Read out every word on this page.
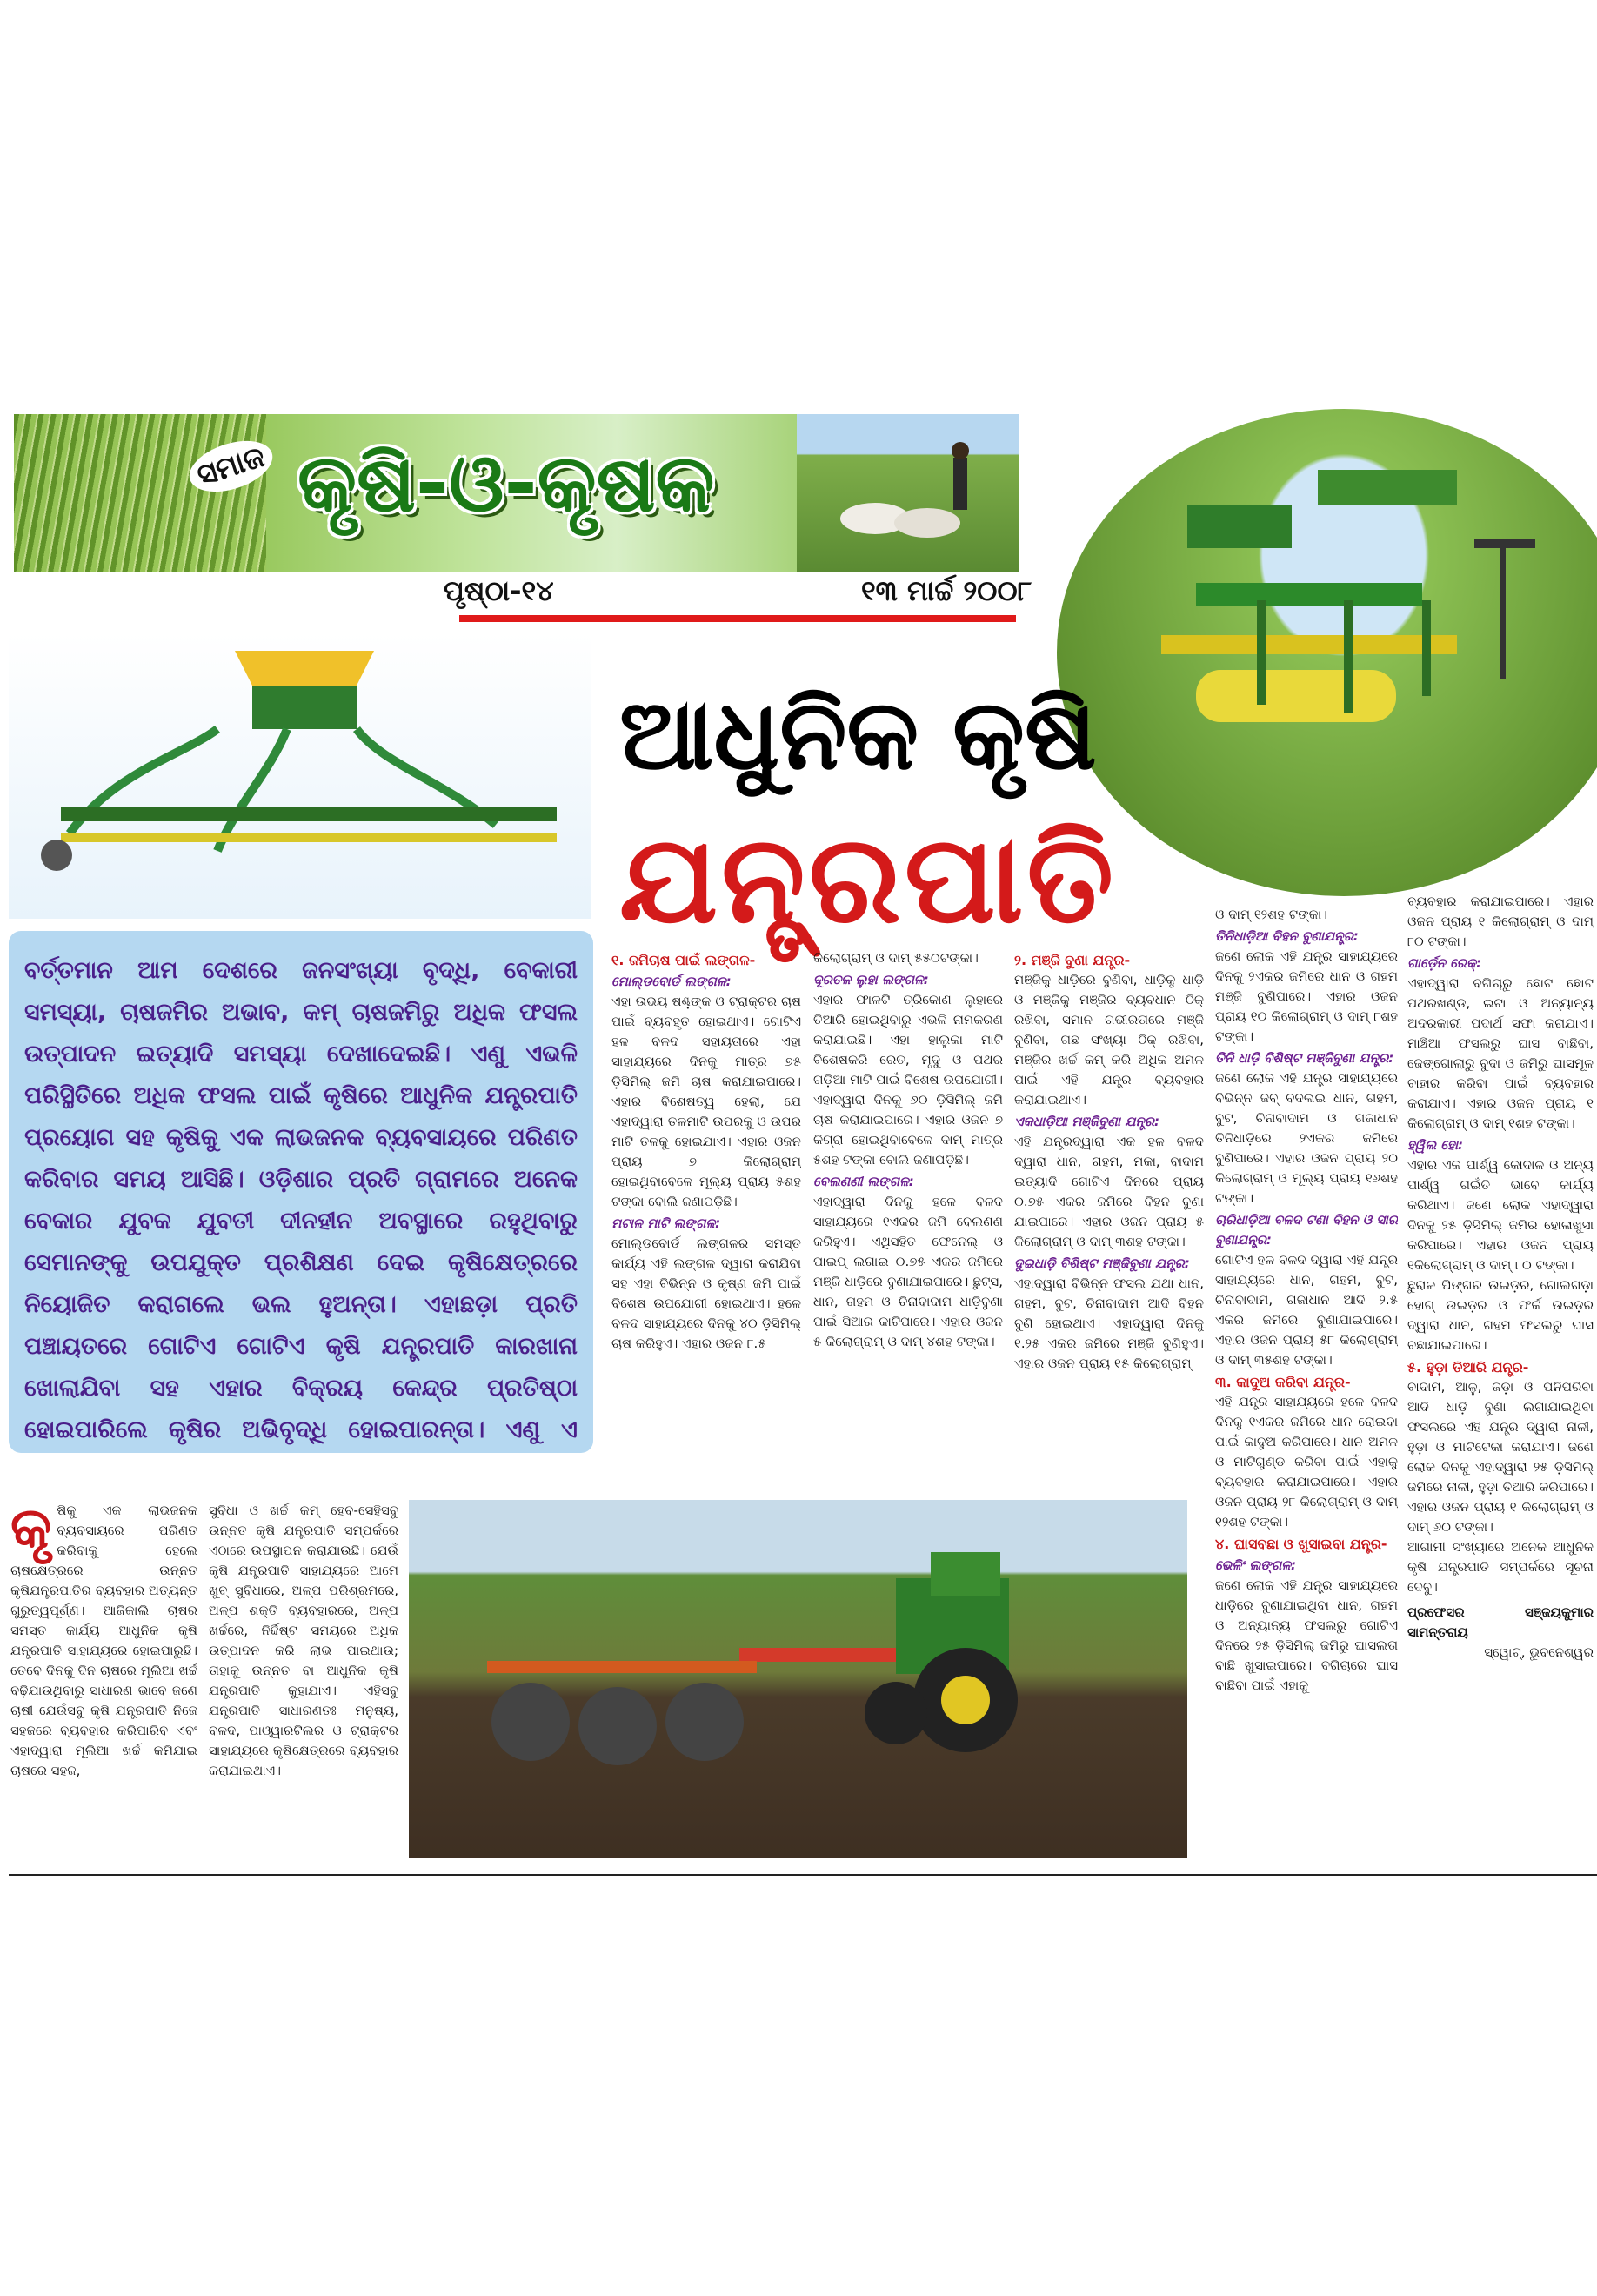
ସମାଜ କୃଷି-ଓ-କୃଷକ
ପୃଷ୍ଠା-୧୪	୧୩ ମାର୍ଚ୍ଚ ୨୦୦୮
ଆଧୁନିକ କୃଷି
ଯନ୍ତ୍ରପାତି
ବର୍ତ୍ତମାନ ଆମ ଦେଶରେ ଜନସଂଖ୍ୟା ବୃଦ୍ଧି, ବେକାରୀ ସମସ୍ୟା, ଚାଷଜମିର ଅଭାବ, କମ୍ ଚାଷଜମିରୁ ଅଧିକ ଫସଲ ଉତ୍ପାଦନ ଇତ୍ୟାଦି ସମସ୍ୟା ଦେଖାଦେଇଛି। ଏଣୁ ଏଭଳି ପରିସ୍ଥିତିରେ ଅଧିକ ଫସଲ ପାଇଁ କୃଷିରେ ଆଧୁନିକ ଯନ୍ତ୍ରପାତି ପ୍ରୟୋଗ ସହ କୃଷିକୁ ଏକ ଲାଭଜନକ ବ୍ୟବସାୟରେ ପରିଣତ କରିବାର ସମୟ ଆସିଛି। ଓଡ଼ିଶାର ପ୍ରତି ଗ୍ରାମରେ ଅନେକ ବେକାର ଯୁବକ ଯୁବତୀ ଦୀନହୀନ ଅବସ୍ଥାରେ ରହୁଥିବାରୁ ସେମାନଙ୍କୁ ଉପଯୁକ୍ତ ପ୍ରଶିକ୍ଷଣ ଦେଇ କୃଷିକ୍ଷେତ୍ରରେ ନିୟୋଜିତ କରାଗଲେ ଭଲ ହୁଅନ୍ତା। ଏହାଛଡ଼ା ପ୍ରତି ପଞ୍ଚାୟତରେ ଗୋଟିଏ ଗୋଟିଏ କୃଷି ଯନ୍ତ୍ରପାତି କାରଖାନା ଖୋଲାଯିବା ସହ ଏହାର ବିକ୍ରୟ କେନ୍ଦ୍ର ପ୍ରତିଷ୍ଠା ହୋଇପାରିଲେ କୃଷିର ଅଭିବୃଦ୍ଧି ହୋଇପାରନ୍ତା। ଏଣୁ ଏ
୧. ଜମିଚାଷ ପାଇଁ ଲଙ୍ଗଳ-
ମୋଲ୍ଡବୋର୍ଡ ଲଙ୍ଗଳ:

ଏହା ଉଭୟ ଷଣ୍ଢ଼ଙ୍କ ଓ ଟ୍ରାକ୍ଟର ଚାଷ ପାଇଁ ବ୍ୟବହୃତ ହୋଇଥାଏ। ଗୋଟିଏ ହଳ ବଳଦ ସହାୟତାରେ ଏହା ସାହାଯ୍ୟରେ ଦିନକୁ ମାତ୍ର ୭୫ ଡ଼ିସିମିଲ୍ ଜମି ଚାଷ କରାଯାଇପାରେ। ଏହାର ବିଶେଷତ୍ୱ ହେଲା, ଯେ ଏହାଦ୍ୱାରା ତଳମାଟି ଉପରକୁ ଓ ଉପର ମାଟି ତଳକୁ ହୋଇଯାଏ। ଏହାର ଓଜନ ପ୍ରାୟ ୭ କିଲୋଗ୍ରାମ୍ ହୋଇଥିବାବେଳେ ମୂଲ୍ୟ ପ୍ରାୟ ୫ଶହ ଟଙ୍କା ବୋଲି ଜଣାପଡ଼ିଛି।

ମଟାଳ ମାଟି ଲଙ୍ଗଳ:

ମୋଲ୍ଡବୋର୍ଡ ଲଙ୍ଗଳର ସମସ୍ତ କାର୍ଯ୍ୟ ଏହି ଲଙ୍ଗଳ ଦ୍ୱାରା କରାଯିବା ସହ ଏହା ବିଭିନ୍ନ ଓ କୃଷ୍ଣ ଜମି ପାଇଁ ବିଶେଷ ଉପଯୋଗୀ ହୋଇଥାଏ। ହଳେ ବଳଦ ସାହାଯ୍ୟରେ ଦିନକୁ ୪୦ ଡ଼ିସିମିଲ୍ ଚାଷ କରିହୁଏ। ଏହାର ଓଜନ ୮.୫

କିଲୋଗ୍ରାମ୍ ଓ ଦାମ୍ ୫୫୦ଟଙ୍କା।

ଦୂରତଳ ଲୁହା ଲଙ୍ଗଳ:

ଏହାର ଫାଳଟି ତ୍ରିକୋଣ ଲୁହାରେ ତିଆରି ହୋଇଥିବାରୁ ଏଭଳି ନାମକରଣ କରାଯାଇଛି। ଏହା ହାଲୁକା ମାଟି ବିଶେଷକରି ରେତ, ମୃଦୁ ଓ ପଥର ଗଡ଼ିଆ ମାଟି ପାଇଁ ବିଶେଷ ଉପଯୋଗୀ। ଏହାଦ୍ୱାରା ଦିନକୁ ୬୦ ଡ଼ିସିମିଲ୍ ଜମି ଚାଷ କରାଯାଇପାରେ। ଏହାର ଓଜନ ୭ କିଗ୍ରା ହୋଇଥିବାବେଳେ ଦାମ୍ ମାତ୍ର ୫ଶହ ଟଙ୍କା ବୋଲି ଜଣାପଡ଼ିଛି।

ବେଲଣଣୀ ଲଙ୍ଗଳ:

ଏହାଦ୍ୱାରା ଦିନକୁ ହଳେ ବଳଦ ସାହାଯ୍ୟରେ ୧ଏକର ଜମି ବେଲଣଣ କରିହୁଏ। ଏଥିସହିତ ଫେନେଲ୍ ଓ ପାଇପ୍ ଲଗାଇ ୦.୭୫ ଏକର ଜମିରେ ମଞ୍ଜି ଧାଡ଼ିରେ ବୁଣାଯାଇପାରେ। ଛୁଟ୍ସ, ଧାନ, ଗହମ ଓ ଚିନାବାଦାମ ଧାଡ଼ିବୁଣା ପାଇଁ ସିଆର କାଟିପାରେ। ଏହାର ଓଜନ ୫ କିଲୋଗ୍ରାମ୍ ଓ ଦାମ୍ ୪ଶହ ଟଙ୍କା।

୨. ମଞ୍ଜି ବୁଣା ଯନ୍ତ୍ର-

ମଞ୍ଜିକୁ ଧାଡ଼ିରେ ବୁଣିବା, ଧାଡ଼ିକୁ ଧାଡ଼ି ଓ ମଞ୍ଜିକୁ ମଞ୍ଜିର ବ୍ୟବଧାନ ଠିକ୍ ରଖିବା, ସମାନ ଗଭୀରତାରେ ମଞ୍ଜି ବୁଣିବା, ଗଛ ସଂଖ୍ୟା ଠିକ୍ ରଖିବା, ମଞ୍ଜିର ଖର୍ଚ୍ଚ କମ୍ କରି ଅଧିକ ଅମଳ ପାଇଁ ଏହି ଯନ୍ତ୍ର ବ୍ୟବହାର କରାଯାଇଥାଏ।

ଏକଧାଡ଼ିଆ ମଞ୍ଜିବୁଣା ଯନ୍ତ୍ର:

ଏହି ଯନ୍ତ୍ରଦ୍ୱାରା ଏକ ହଳ ବଳଦ ଦ୍ୱାରା ଧାନ, ଗହମ, ମକା, ବାଦାମ ଇତ୍ୟାଦି ଗୋଟିଏ ଦିନରେ ପ୍ରାୟ ୦.୭୫ ଏକର ଜମିରେ ବିହନ ବୁଣା ଯାଇପାରେ। ଏହାର ଓଜନ ପ୍ରାୟ ୫ କିଲୋଗ୍ରାମ୍ ଓ ଦାମ୍ ୩ଶହ ଟଙ୍କା।

ଦୁଇଧାଡ଼ି ବିଶିଷ୍ଟ ମଞ୍ଜିବୁଣା ଯନ୍ତ୍ର:

ଏହାଦ୍ୱାରା ବିଭିନ୍ନ ଫସଲ ଯଥା ଧାନ, ଗହମ, ବୁଟ, ଚିନାବାଦାମ ଆଦି ବିହନ ବୁଣି ହୋଇଥାଏ। ଏହାଦ୍ୱାରା ଦିନକୁ ୧.୨୫ ଏକର ଜମିରେ ମଞ୍ଜି ବୁଣିହୁଏ। ଏହାର ଓଜନ ପ୍ରାୟ ୧୫ କିଲୋଗ୍ରାମ୍

ଓ ଦାମ୍ ୧୨ଶହ ଟଙ୍କା।

ତିନିଧାଡ଼ିଆ ବିହନ ବୁଣାଯନ୍ତ୍ର:

ଜଣେ ଲୋକ ଏହି ଯନ୍ତ୍ର ସାହାଯ୍ୟରେ ଦିନକୁ ୨ଏକର ଜମିରେ ଧାନ ଓ ଗହମ ମଞ୍ଜି ବୁଣିପାରେ। ଏହାର ଓଜନ ପ୍ରାୟ ୧୦ କିଲୋଗ୍ରାମ୍ ଓ ଦାମ୍ ୮ଶହ ଟଙ୍କା।

ତିନି ଧାଡ଼ି ବିଶିଷ୍ଟ ମଞ୍ଜିବୁଣା ଯନ୍ତ୍ର:

ଜଣେ ଲୋକ ଏହି ଯନ୍ତ୍ର ସାହାଯ୍ୟରେ ବିଭିନ୍ନ ଜବ୍ ବଦଳାଇ ଧାନ, ଗହମ, ବୁଟ, ଚିନାବାଦାମ ଓ ଗଜାଧାନ ତିନିଧାଡ଼ିରେ ୨ଏକର ଜମିରେ ବୁଣିପାରେ। ଏହାର ଓଜନ ପ୍ରାୟ ୨୦ କିଲୋଗ୍ରାମ୍ ଓ ମୂଲ୍ୟ ପ୍ରାୟ ୧୬ଶହ ଟଙ୍କା।

ଚାରିଧାଡ଼ିଆ ବଳଦ ଟଣା ବିହନ ଓ ସାର ବୁଣାଯନ୍ତ୍ର:

ଗୋଟିଏ ହଳ ବଳଦ ଦ୍ୱାରା ଏହି ଯନ୍ତ୍ର ସାହାଯ୍ୟରେ ଧାନ, ଗହମ, ବୁଟ, ଚିନାବାଦାମ, ଗଜାଧାନ ଆଦି ୨.୫ ଏକର ଜମିରେ ବୁଣାଯାଇପାରେ। ଏହାର ଓଜନ ପ୍ରାୟ ୫୮ କିଲୋଗ୍ରାମ୍ ଓ ଦାମ୍ ୩୫ଶହ ଟଙ୍କା।

୩. କାଦୁଅ କରିବା ଯନ୍ତ୍ର-

ଏହି ଯନ୍ତ୍ର ସାହାଯ୍ୟରେ ହଳେ ବଳଦ ଦିନକୁ ୧ଏକର ଜମିରେ ଧାନ ରୋଇବା ପାଇଁ କାଦୁଅ କରିପାରେ। ଧାନ ଅମଳ ଓ ମାଟିଗୁଣ୍ଡ କରିବା ପାଇଁ ଏହାକୁ ବ୍ୟବହାର କରାଯାଇପାରେ। ଏହାର ଓଜନ ପ୍ରାୟ ୨୮ କିଲୋଗ୍ରାମ୍ ଓ ଦାମ୍ ୧୨ଶହ ଟଙ୍କା।

୪. ଘାସବଛା ଓ ଖୁସାଇବା ଯନ୍ତ୍ର-
ଭେଳିଂ ଲଙ୍ଗଳ:

ଜଣେ ଲୋକ ଏହି ଯନ୍ତ୍ର ସାହାଯ୍ୟରେ ଧାଡ଼ିରେ ବୁଣାଯାଇଥିବା ଧାନ, ଗହମ ଓ ଅନ୍ୟାନ୍ୟ ଫସଲରୁ ଗୋଟିଏ ଦିନରେ ୨୫ ଡ଼ିସିମିଲ୍ ଜମିରୁ ଘାସଲତା ବାଛି ଖୁସାଇପାରେ। ବଗିଚାରେ ଘାସ ବାଛିବା ପାଇଁ ଏହାକୁ

ବ୍ୟବହାର କରାଯାଇପାରେ। ଏହାର ଓଜନ ପ୍ରାୟ ୧ କିଲୋଗ୍ରାମ୍ ଓ ଦାମ୍ ୮୦ ଟଙ୍କା।

ଗାର୍ଡ଼େନ ରେକ୍:

ଏହାଦ୍ୱାରା ବଗିଚାରୁ ଛୋଟ ଛୋଟ ପଥରଖଣ୍ଡ, ଇଟା ଓ ଅନ୍ୟାନ୍ୟ ଅଦରକାରୀ ପଦାର୍ଥ ସଫା କରାଯାଏ। ମାଞ୍ଚିଆ ଫସଲରୁ ଘାସ ବାଛିବା, ଜେଙ୍ଗୋଲାରୁ ବୁଦା ଓ ଜମିରୁ ଘାସମୂଳ ବାହାର କରିବା ପାଇଁ ବ୍ୟବହାର କରାଯାଏ। ଏହାର ଓଜନ ପ୍ରାୟ ୧ କିଲୋଗ୍ରାମ୍ ଓ ଦାମ୍ ୧ଶହ ଟଙ୍କା।

ହ୍ୱିଲ ହୋ:

ଏହାର ଏକ ପାର୍ଶ୍ୱ କୋଦାଳ ଓ ଅନ୍ୟ ପାର୍ଶ୍ୱ ଗଇଁତି ଭାବେ କାର୍ଯ୍ୟ କରିଥାଏ। ଜଣେ ଲୋକ ଏହାଦ୍ୱାରା ଦିନକୁ ୨୫ ଡ଼ିସିମିଲ୍ ଜମିର ହୋଳାଖୁସା କରିପାରେ। ଏହାର ଓଜନ ପ୍ରାୟ ୧କିଲୋଗ୍ରାମ୍ ଓ ଦାମ୍ ୮୦ ଟଙ୍କା।

ଛୁରାଳ ପିଙ୍ଗର ଉଇଡ଼ର, ଗୋଲଗଡ଼ା ହୋଗ୍ ଉଇଡ଼ର ଓ ଫର୍କ ଉଇଡ଼ର ଦ୍ୱାରା ଧାନ, ଗହମ ଫସଲରୁ ଘାସ ବଛାଯାଇପାରେ।

୫. ହୁଡ଼ା ତିଆରି ଯନ୍ତ୍ର-

ବାଦାମ, ଆଳୁ, ଜଡ଼ା ଓ ପନିପରିବା ଆଦି ଧାଡ଼ି ବୁଣା ଲଗାଯାଇଥିବା ଫସଲରେ ଏହି ଯନ୍ତ୍ର ଦ୍ୱାରା ନାଳୀ, ହୁଡ଼ା ଓ ମାଟିଟେକା କରାଯାଏ। ଜଣେ ଲୋକ ଦିନକୁ ଏହାଦ୍ୱାରା ୨୫ ଡ଼ିସିମିଲ୍ ଜମିରେ ନାଳୀ, ହୁଡ଼ା ତିଆରି କରିପାରେ। ଏହାର ଓଜନ ପ୍ରାୟ ୧ କିଲୋଗ୍ରାମ୍ ଓ ଦାମ୍ ୬୦ ଟଙ୍କା।

ଆଗାମୀ ସଂଖ୍ୟାରେ ଅନେକ ଆଧୁନିକ କୃଷି ଯନ୍ତ୍ରପାତି ସମ୍ପର୍କରେ ସୂଚନା ଦେବୁ।

ପ୍ରଫେସର ସଞ୍ଜୟକୁମାର ସାମନ୍ତରାୟ
ସ୍ୱୋଟ୍, ଭୁବନେଶ୍ୱର
କୃ ଷିକୁ ଏକ ଲାଭଜନକ ବ୍ୟବସାୟରେ ପରିଣତ କରିବାକୁ ହେଲେ ଚାଷକ୍ଷେତ୍ରରେ ଉନ୍ନତ କୃଷିଯନ୍ତ୍ରପାତିର ବ୍ୟବହାର ଅତ୍ୟନ୍ତ ଗୁରୁତ୍ୱପୂର୍ଣ୍ଣ। ଆଜିକାଲି ଚାଷର ସମସ୍ତ କାର୍ଯ୍ୟ ଆଧୁନିକ କୃଷି ଯନ୍ତ୍ରପାତି ସାହାଯ୍ୟରେ ହୋଇପାରୁଛି। ତେବେ ଦିନକୁ ଦିନ ଚାଷରେ ମୂଲିଆ ଖର୍ଚ୍ଚ ବଢ଼ିଯାଉଥିବାରୁ ସାଧାରଣ ଭାବେ ଜଣେ ଚାଷୀ ଯେଉଁସବୁ କୃଷି ଯନ୍ତ୍ରପାତି ନିଜେ ସହଜରେ ବ୍ୟବହାର କରିପାରିବ ଏବଂ ଏହାଦ୍ୱାରା ମୂଲିଆ ଖର୍ଚ୍ଚ କମିଯାଇ ଚାଷରେ ସହଜ,

ସୁବିଧା ଓ ଖର୍ଚ୍ଚ କମ୍ ହେବ-ସେହିସବୁ ଉନ୍ନତ କୃଷି ଯନ୍ତ୍ରପାତି ସମ୍ପର୍କରେ ଏଠାରେ ଉପସ୍ଥାପନ କରାଯାଉଛି। ଯେଉଁ କୃଷି ଯନ୍ତ୍ରପାତି ସାହାଯ୍ୟରେ ଆମେ ଖୁବ୍ ସୁବିଧାରେ, ଅଳ୍ପ ପରିଶ୍ରମରେ, ଅଳ୍ପ ଶକ୍ତି ବ୍ୟବହାରରେ, ଅଳ୍ପ ଖର୍ଚ୍ଚରେ, ନିର୍ଦ୍ଦିଷ୍ଟ ସମୟରେ ଅଧିକ ଉତ୍ପାଦନ କରି ଲାଭ ପାଇଥାଉ; ତାହାକୁ ଉନ୍ନତ ବା ଆଧୁନିକ କୃଷି ଯନ୍ତ୍ରପାତି କୁହାଯାଏ। ଏହିସବୁ ଯନ୍ତ୍ରପାତି ସାଧାରଣତଃ ମନୁଷ୍ୟ, ବଳଦ, ପାଓ୍ୱାରଟିଲର ଓ ଟ୍ରାକ୍ଟର ସାହାଯ୍ୟରେ କୃଷିକ୍ଷେତ୍ରରେ ବ୍ୟବହାର କରାଯାଇଥାଏ।
